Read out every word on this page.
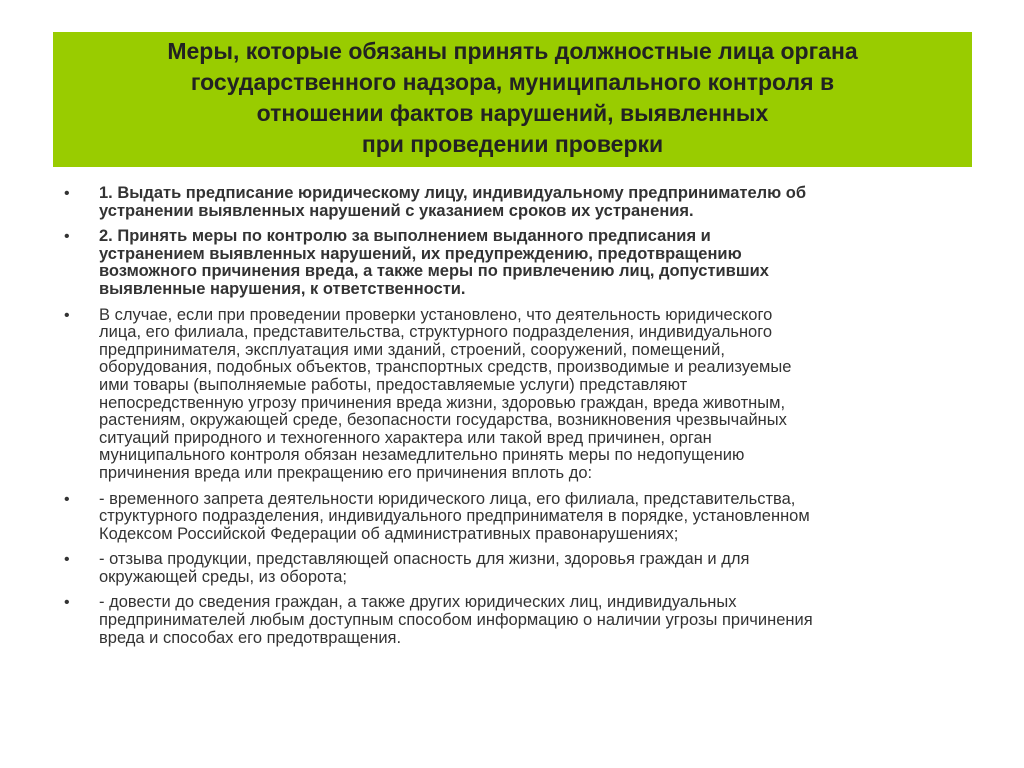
Меры, которые обязаны принять должностные лица органа
государственного надзора, муниципального контроля в
отношении фактов нарушений, выявленных
при проведении проверки
• 1. Выдать предписание юридическому лицу, индивидуальному предпринимателю об
устранении выявленных нарушений с указанием сроков их устранения.
• 2. Принять меры по контролю за выполнением выданного предписания и
устранением выявленных нарушений, их предупреждению, предотвращению
возможного причинения вреда, а также меры по привлечению лиц, допустивших
выявленные нарушения, к ответственности.
• В случае, если при проведении проверки установлено, что деятельность юридического
лица, его филиала, представительства, структурного подразделения, индивидуального
предпринимателя, эксплуатация ими зданий, строений, сооружений, помещений,
оборудования, подобных объектов, транспортных средств, производимые и реализуемые
ими товары (выполняемые работы, предоставляемые услуги) представляют
непосредственную угрозу причинения вреда жизни, здоровью граждан, вреда животным,
растениям, окружающей среде, безопасности государства, возникновения чрезвычайных
ситуаций природного и техногенного характера или такой вред причинен, орган
муниципального контроля обязан незамедлительно принять меры по недопущению
причинения вреда или прекращению его причинения вплоть до:
• - временного запрета деятельности юридического лица, его филиала, представительства,
структурного подразделения, индивидуального предпринимателя в порядке, установленном
Кодексом Российской Федерации об административных правонарушениях;
• - отзыва продукции, представляющей опасность для жизни, здоровья граждан и для
окружающей среды, из оборота;
• - довести до сведения граждан, а также других юридических лиц, индивидуальных
предпринимателей любым доступным способом информацию о наличии угрозы причинения
вреда и способах его предотвращения.
